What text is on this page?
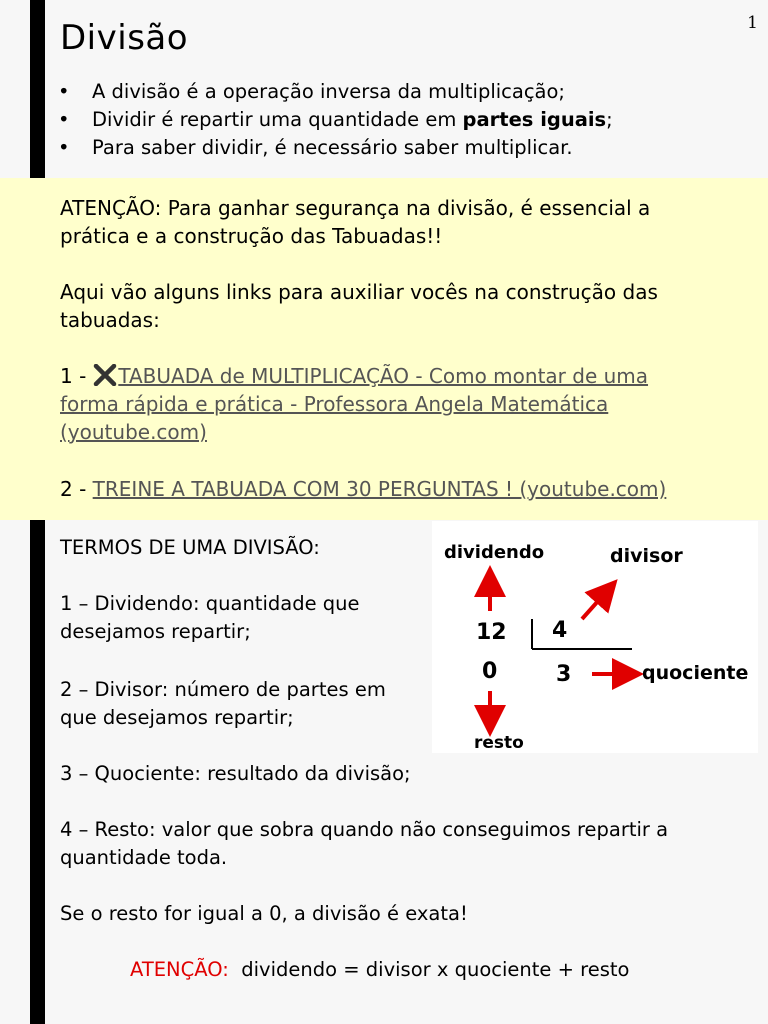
1
Divisão
• A divisão é a operação inversa da multiplicação;
• Dividir é repartir uma quantidade em partes iguais;
• Para saber dividir, é necessário saber multiplicar.
ATENÇÃO: Para ganhar segurança na divisão, é essencial a
prática e a construção das Tabuadas!!
Aqui vão alguns links para auxiliar vocês na construção das
tabuadas:
1 - TABUADA de MULTIPLICAÇÃO - Como montar de uma
forma rápida e prática - Professora Angela Matemática
(youtube.com)
2 - TREINE A TABUADA COM 30 PERGUNTAS ! (youtube.com)
TERMOS DE UMA DIVISÃO:
1 – Dividendo: quantidade que
desejamos repartir;
2 – Divisor: número de partes em
que desejamos repartir;
3 – Quociente: resultado da divisão;
4 – Resto: valor que sobra quando não conseguimos repartir a
quantidade toda.
Se o resto for igual a 0, a divisão é exata!
dividendo	divisor
12 4
0	3	quociente
resto
ATENÇÃO: dividendo = divisor x quociente + resto
